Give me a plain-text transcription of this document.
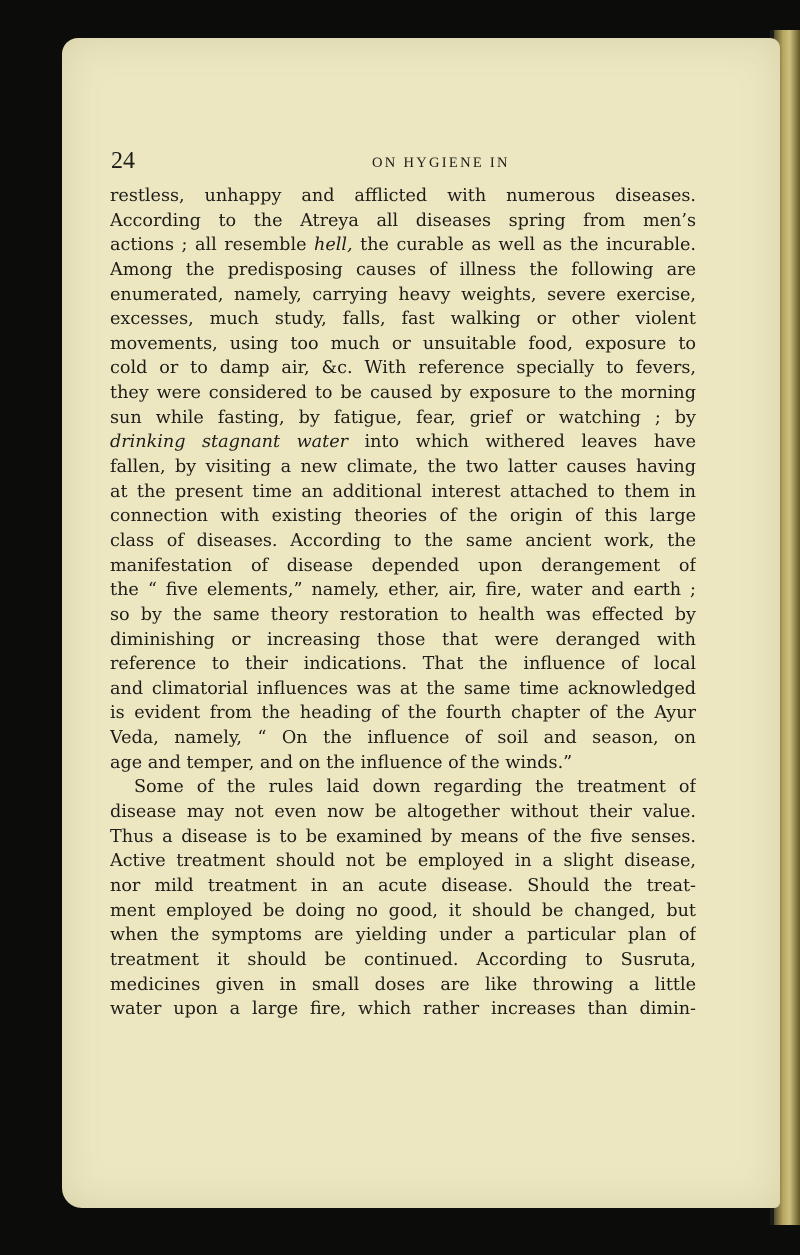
24	ON HYGIENE IN
restless, unhappy and afflicted with numerous diseases.
According to the Atreya all diseases spring from men’s
actions ; all resemble hell, the curable as well as the incurable.
Among the predisposing causes of illness the following are
enumerated, namely, carrying heavy weights, severe exercise,
excesses, much study, falls, fast walking or other violent
movements, using too much or unsuitable food, exposure to
cold or to damp air, &c. With reference specially to fevers,
they were considered to be caused by exposure to the morning
sun while fasting, by fatigue, fear, grief or watching ; by
drinking stagnant water into which withered leaves have
fallen, by visiting a new climate, the two latter causes having
at the present time an additional interest attached to them in
connection with existing theories of the origin of this large
class of diseases. According to the same ancient work, the
manifestation of disease depended upon derangement of
the “ five elements,” namely, ether, air, fire, water and earth ;
so by the same theory restoration to health was effected by
diminishing or increasing those that were deranged with
reference to their indications. That the influence of local
and climatorial influences was at the same time acknowledged
is evident from the heading of the fourth chapter of the Ayur
Veda, namely, “ On the influence of soil and season, on
age and temper, and on the influence of the winds.”
Some of the rules laid down regarding the treatment of
disease may not even now be altogether without their value.
Thus a disease is to be examined by means of the five senses.
Active treatment should not be employed in a slight disease,
nor mild treatment in an acute disease. Should the treat-
ment employed be doing no good, it should be changed, but
when the symptoms are yielding under a particular plan of
treatment it should be continued. According to Susruta,
medicines given in small doses are like throwing a little
water upon a large fire, which rather increases than dimin-
